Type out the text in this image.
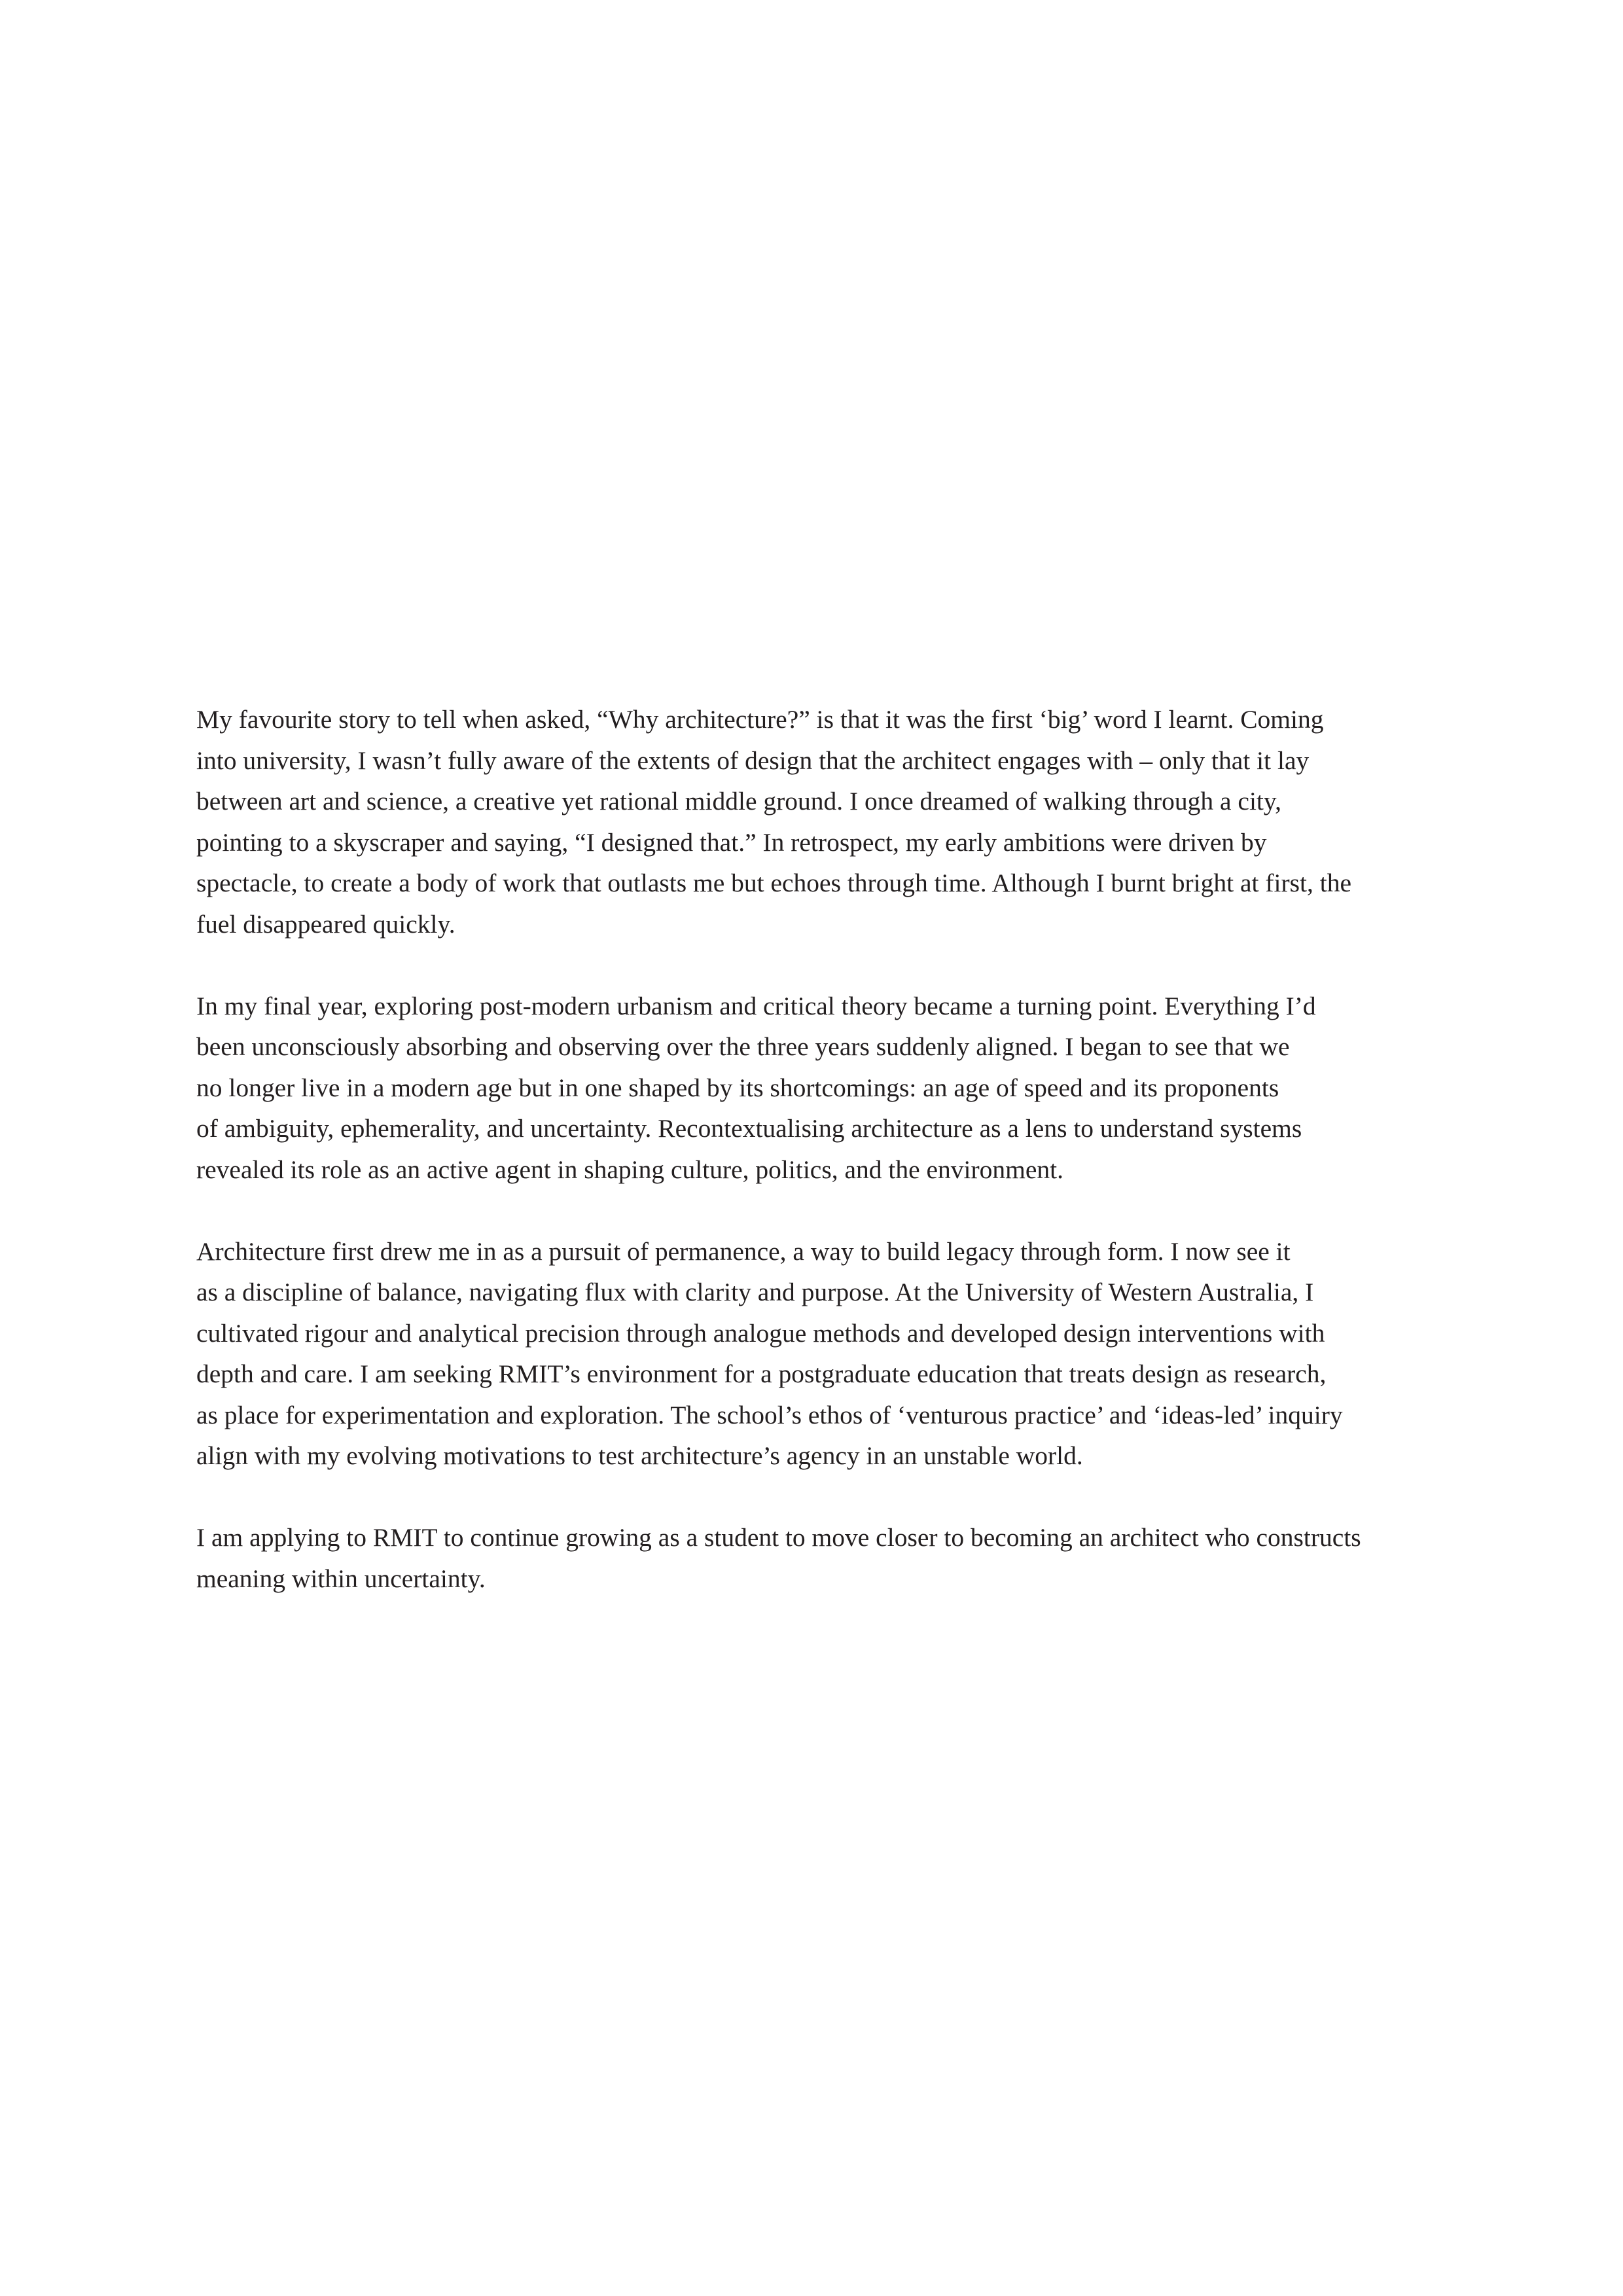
My favourite story to tell when asked, “Why architecture?” is that it was the first ‘big’ word I learnt. Coming
into university, I wasn’t fully aware of the extents of design that the architect engages with – only that it lay
between art and science, a creative yet rational middle ground. I once dreamed of walking through a city,
pointing to a skyscraper and saying, “I designed that.” In retrospect, my early ambitions were driven by
spectacle, to create a body of work that outlasts me but echoes through time. Although I burnt bright at first, the
fuel disappeared quickly.

In my final year, exploring post-modern urbanism and critical theory became a turning point. Everything I’d
been unconsciously absorbing and observing over the three years suddenly aligned. I began to see that we
no longer live in a modern age but in one shaped by its shortcomings: an age of speed and its proponents
of ambiguity, ephemerality, and uncertainty. Recontextualising architecture as a lens to understand systems
revealed its role as an active agent in shaping culture, politics, and the environment.

Architecture first drew me in as a pursuit of permanence, a way to build legacy through form. I now see it
as a discipline of balance, navigating flux with clarity and purpose. At the University of Western Australia, I
cultivated rigour and analytical precision through analogue methods and developed design interventions with
depth and care. I am seeking RMIT’s environment for a postgraduate education that treats design as research,
as place for experimentation and exploration. The school’s ethos of ‘venturous practice’ and ‘ideas-led’ inquiry
align with my evolving motivations to test architecture’s agency in an unstable world.

I am applying to RMIT to continue growing as a student to move closer to becoming an architect who constructs
meaning within uncertainty.
